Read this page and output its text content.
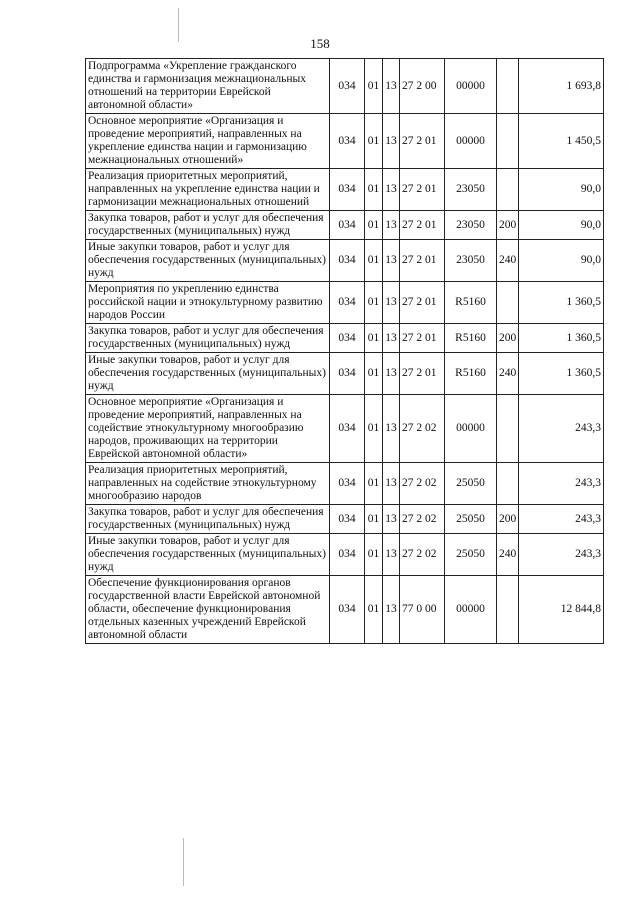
158
Подпрограмма «Укрепление гражданского единства и гармонизация межнациональных отношений на территории Еврейской автономной области»	034	01	13	27 2 00	00000		1 693,8
Основное мероприятие «Организация и проведение мероприятий, направленных на укрепление единства нации и гармонизацию межнациональных отношений»	034	01	13	27 2 01	00000		1 450,5
Реализация приоритетных мероприятий, направленных на укрепление единства нации и гармонизации межнациональных отношений	034	01	13	27 2 01	23050		90,0
Закупка товаров, работ и услуг для обеспечения государственных (муниципальных) нужд	034	01	13	27 2 01	23050	200	90,0
Иные закупки товаров, работ и услуг для обеспечения государственных (муниципальных) нужд	034	01	13	27 2 01	23050	240	90,0
Мероприятия по укреплению единства российской нации и этнокультурному развитию народов России	034	01	13	27 2 01	R5160		1 360,5
Закупка товаров, работ и услуг для обеспечения государственных (муниципальных) нужд	034	01	13	27 2 01	R5160	200	1 360,5
Иные закупки товаров, работ и услуг для обеспечения государственных (муниципальных) нужд	034	01	13	27 2 01	R5160	240	1 360,5
Основное мероприятие «Организация и проведение мероприятий, направленных на содействие этнокультурному многообразию народов, проживающих на территории Еврейской автономной области»	034	01	13	27 2 02	00000		243,3
Реализация приоритетных мероприятий, направленных на содействие этнокультурному многообразию народов	034	01	13	27 2 02	25050		243,3
Закупка товаров, работ и услуг для обеспечения государственных (муниципальных) нужд	034	01	13	27 2 02	25050	200	243,3
Иные закупки товаров, работ и услуг для обеспечения государственных (муниципальных) нужд	034	01	13	27 2 02	25050	240	243,3
Обеспечение функционирования органов государственной власти Еврейской автономной области, обеспечение функционирования отдельных казенных учреждений Еврейской автономной области	034	01	13	77 0 00	00000		12 844,8
